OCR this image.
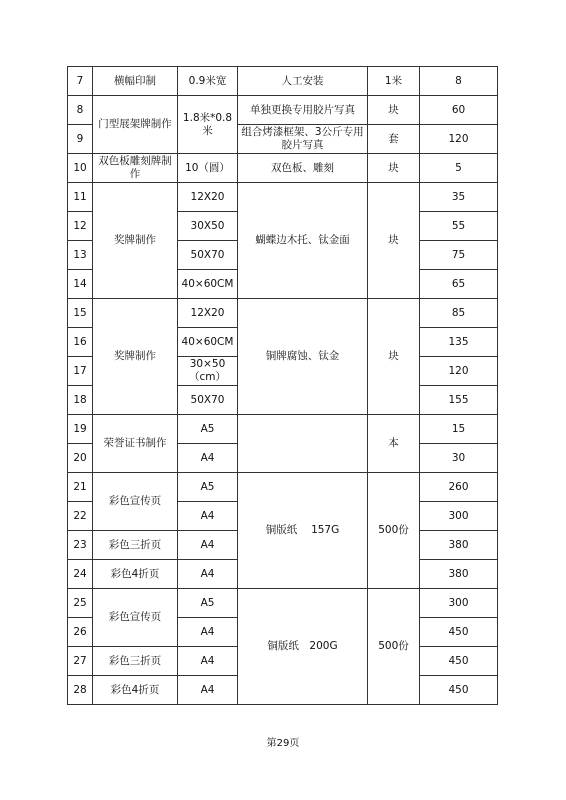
7	横幅印制	0.9米宽	人工安装	1米	8
8	门型展架牌制作	1.8米*0.8米	单独更换专用胶片写真	块	60
9			组合烤漆框架、3公斤专用胶片写真	套	120
10	双色板雕刻牌制作	10（圆）	双色板、雕刻	块	5
11	奖牌制作	12X20	蝴蝶边木托、钛金面	块	35
12		30X50			55
13		50X70			75
14		40×60CM			65
15	奖牌制作	12X20	铜牌腐蚀、钛金	块	85
16		40×60CM			135
17		30×50（cm）			120
18		50X70			155
19	荣誉证书制作	A5		本	15
20		A4			30
21	彩色宣传页	A5	铜版纸　 157G	500份	260
22		A4			300
23	彩色三折页	A4			380
24	彩色4折页	A4			380
25	彩色宣传页	A5	铜版纸　200G	500份	300
26		A4			450
27	彩色三折页	A4			450
28	彩色4折页	A4			450
第29页
